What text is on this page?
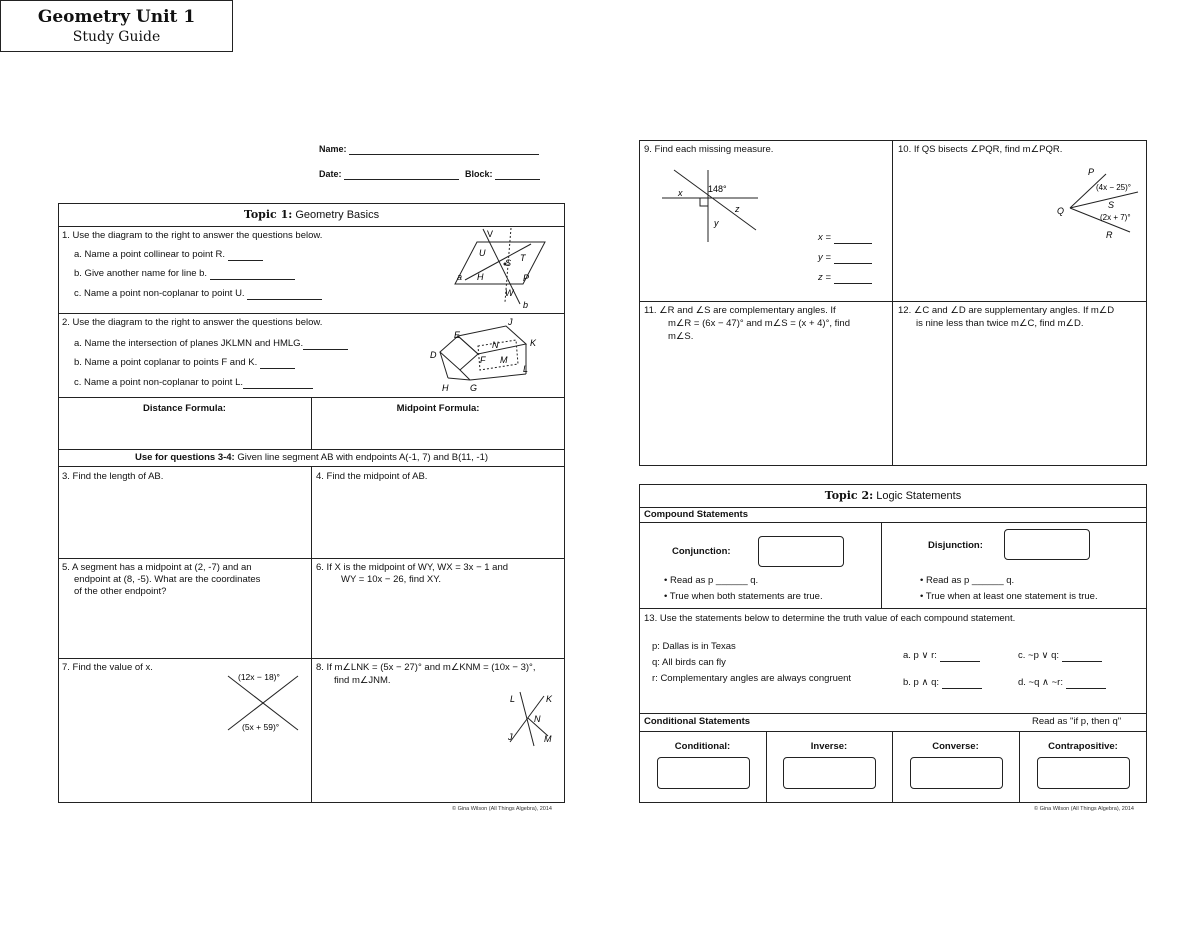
Geometry Unit 1
Study Guide
Name:
Date:	Block:
Topic 1: Geometry Basics
1. Use the diagram to the right to answer the questions below.
a. Name a point collinear to point R.
b. Give another name for line b.
c. Name a point non-coplanar to point U.
V
U
S T
a H	P
W
b
2. Use the diagram to the right to answer the questions below.
a. Name the intersection of planes JKLMN and HMLG.
b. Name a point coplanar to points F and K.
c. Name a point non-coplanar to point L.
J
E
K
N
D	F M
L
H G
Distance Formula:	Midpoint Formula:
Use for questions 3-4: Given line segment AB with endpoints A(-1, 7) and B(11, -1)
3. Find the length of AB.	4. Find the midpoint of AB.
5. A segment has a midpoint at (2, -7) and an
endpoint at (8, -5). What are the coordinates
of the other endpoint?
6. If X is the midpoint of WY, WX = 3x − 1 and
WY = 10x − 26, find XY.
7. Find the value of x.
(12x − 18)°
(5x + 59)°
8. If m∠LNK = (5x − 27)° and m∠KNM = (10x − 3)°,
find m∠JNM.
L	K
N
J	M
© Gina Wilson (All Things Algebra), 2014
9. Find each missing measure.
148°
x
z
y
x =
y =
z =
10. If QS bisects ∠PQR, find m∠PQR.
P
S
Q
R
(4x − 25)°
(2x + 7)°
11. ∠R and ∠S are complementary angles. If
m∠R = (6x − 47)° and m∠S = (x + 4)°, find
m∠S.
12. ∠C and ∠D are supplementary angles. If m∠D
is nine less than twice m∠C, find m∠D.
Topic 2: Logic Statements
Compound Statements
Conjunction:
• Read as p ______ q.
• True when both statements are true.
Disjunction:
• Read as p ______ q.
• True when at least one statement is true.
13. Use the statements below to determine the truth value of each compound statement.
p: Dallas is in Texas
q: All birds can fly
r: Complementary angles are always congruent
a. p ∨ r:
b. p ∧ q:
c. ~p ∨ q:
d. ~q ∧ ~r:
Conditional Statements	Read as "if p, then q"
Conditional:	Inverse:	Converse:	Contrapositive:
© Gina Wilson (All Things Algebra), 2014
